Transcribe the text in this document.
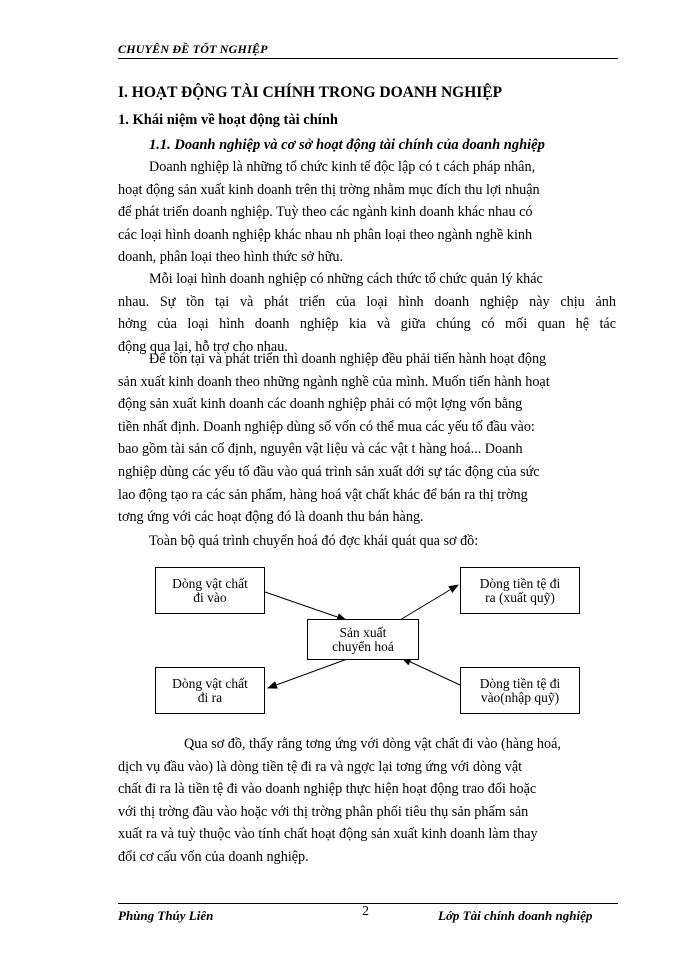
CHUYÊN ĐỀ TỐT NGHIỆP
I. HOẠT ĐỘNG TÀI CHÍNH TRONG DOANH NGHIỆP
1. Khái niệm về hoạt động tài chính
1.1. Doanh nghiệp và cơ sở hoạt động tài chính của doanh nghiệp
Doanh nghiệp là những tổ chức kinh tế độc lập có t cách pháp nhân,
hoạt động sản xuất kinh doanh trên thị trờng nhằm mục đích thu lợi nhuận
để phát triển doanh nghiệp. Tuỳ theo các ngành kinh doanh khác nhau có
các loại hình doanh nghiệp khác nhau nh phân loại theo ngành nghề kinh
doanh, phân loại theo hình thức sở hữu.
Mỗi loại hình doanh nghiệp có những cách thức tổ chức quản lý khác
nhau. Sự tồn tại và phát triển của loại hình doanh nghiệp này chịu ảnh
hởng của loại hình doanh nghiệp kia và giữa chúng có mối quan hệ tác
động qua lại, hỗ trợ cho nhau.
Để tồn tại và phát triển thì doanh nghiệp đều phải tiến hành hoạt động
sản xuất kinh doanh theo những ngành nghề của mình. Muốn tiến hành hoạt
động sản xuất kinh doanh các doanh nghiệp phải có một lợng vốn bằng
tiền nhất định. Doanh nghiệp dùng số vốn có thể mua các yếu tố đầu vào:
bao gồm tài sản cố định, nguyên vật liệu và các vật t hàng hoá... Doanh
nghiệp dùng các yếu tố đầu vào quá trình sản xuất dới sự tác động của sức
lao động tạo ra các sản phẩm, hàng hoá vật chất khác để bán ra thị trờng
tơng ứng với các hoạt động đó là doanh thu bán hàng.
Toàn bộ quá trình chuyển hoá đó đợc khái quát qua sơ đồ:
Dòng vật chất
đi vào
Dòng tiền tệ đi
ra (xuất quỹ)
Sản xuất
chuyển hoá
Dòng vật chất
đi ra
Dòng tiền tệ đi
vào(nhập quỹ)
Qua sơ đồ, thấy rằng tơng ứng với dòng vật chất đi vào (hàng hoá,
dịch vụ đầu vào) là dòng tiền tệ đi ra và ngợc lại tơng ứng với dòng vật
chất đi ra là tiền tệ đi vào doanh nghiệp thực hiện hoạt động trao đổi hoặc
với thị trờng đầu vào hoặc với thị trờng phân phối tiêu thụ sản phẩm sản
xuất ra và tuỳ thuộc vào tính chất hoạt động sản xuất kinh doanh làm thay
đổi cơ cấu vốn của doanh nghiệp.
Phùng Thúy Liên	2	Lớp Tài chính doanh nghiệp
